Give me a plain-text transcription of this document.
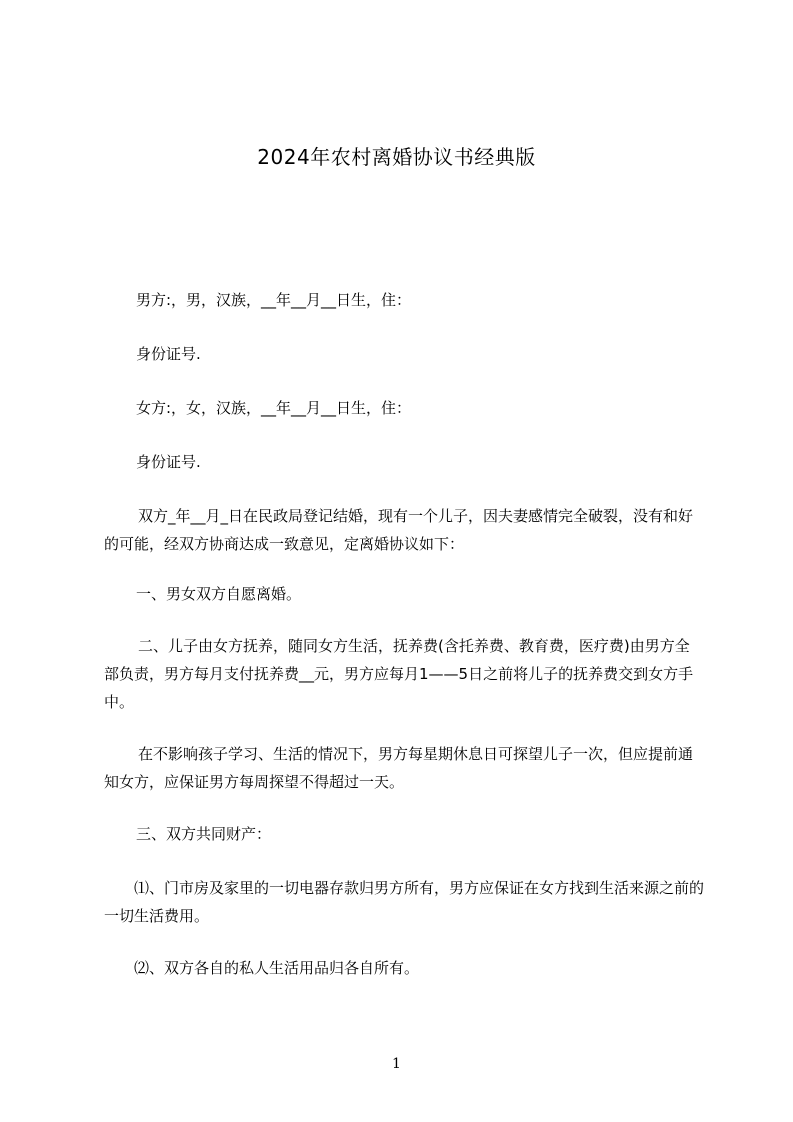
2024年农村离婚协议书经典版
男方:，男，汉族，__年__月__日生，住：
身份证号.
女方:，女，汉族，__年__月__日生，住：
身份证号.
双方_年__月_日在民政局登记结婚，现有一个儿子，因夫妻感情完全破裂，没有和好的可能，经双方协商达成一致意见，定离婚协议如下：
一、男女双方自愿离婚。
二、儿子由女方抚养，随同女方生活，抚养费(含托养费、教育费，医疗费)由男方全部负责，男方每月支付抚养费__元，男方应每月1——5日之前将儿子的抚养费交到女方手中。
在不影响孩子学习、生活的情况下，男方每星期休息日可探望儿子一次，但应提前通知女方，应保证男方每周探望不得超过一天。
三、双方共同财产：
⑴、门市房及家里的一切电器存款归男方所有，男方应保证在女方找到生活来源之前的一切生活费用。
⑵、双方各自的私人生活用品归各自所有。
1
